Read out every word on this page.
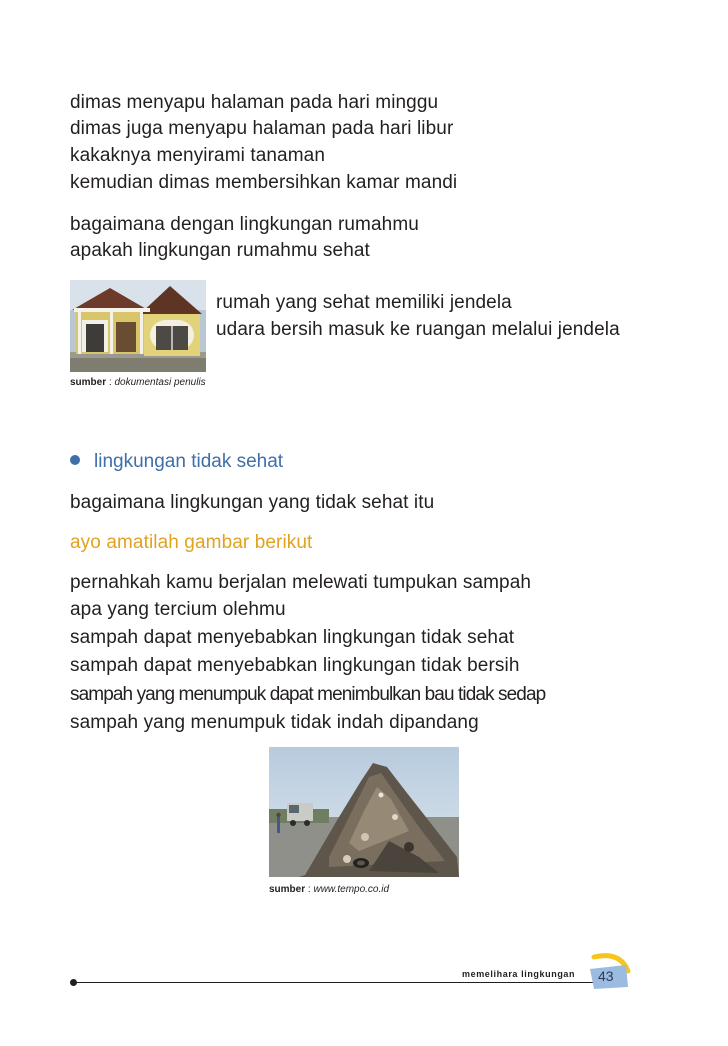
dimas menyapu halaman pada hari minggu
dimas juga menyapu halaman pada hari libur
kakaknya menyirami tanaman
kemudian dimas membersihkan kamar mandi
bagaimana dengan lingkungan rumahmu
apakah lingkungan rumahmu sehat
rumah yang sehat memiliki jendela
udara bersih masuk ke ruangan melalui jendela
sumber : dokumentasi penulis
lingkungan tidak sehat
bagaimana lingkungan yang tidak sehat itu
ayo amatilah gambar berikut
pernahkah kamu berjalan melewati tumpukan sampah
apa yang tercium olehmu
sampah dapat menyebabkan lingkungan tidak sehat
sampah dapat menyebabkan lingkungan tidak bersih
sampah yang menumpuk dapat menimbulkan bau tidak sedap
sampah yang menumpuk tidak indah dipandang
sumber : www.tempo.co.id
memelihara lingkungan 43
